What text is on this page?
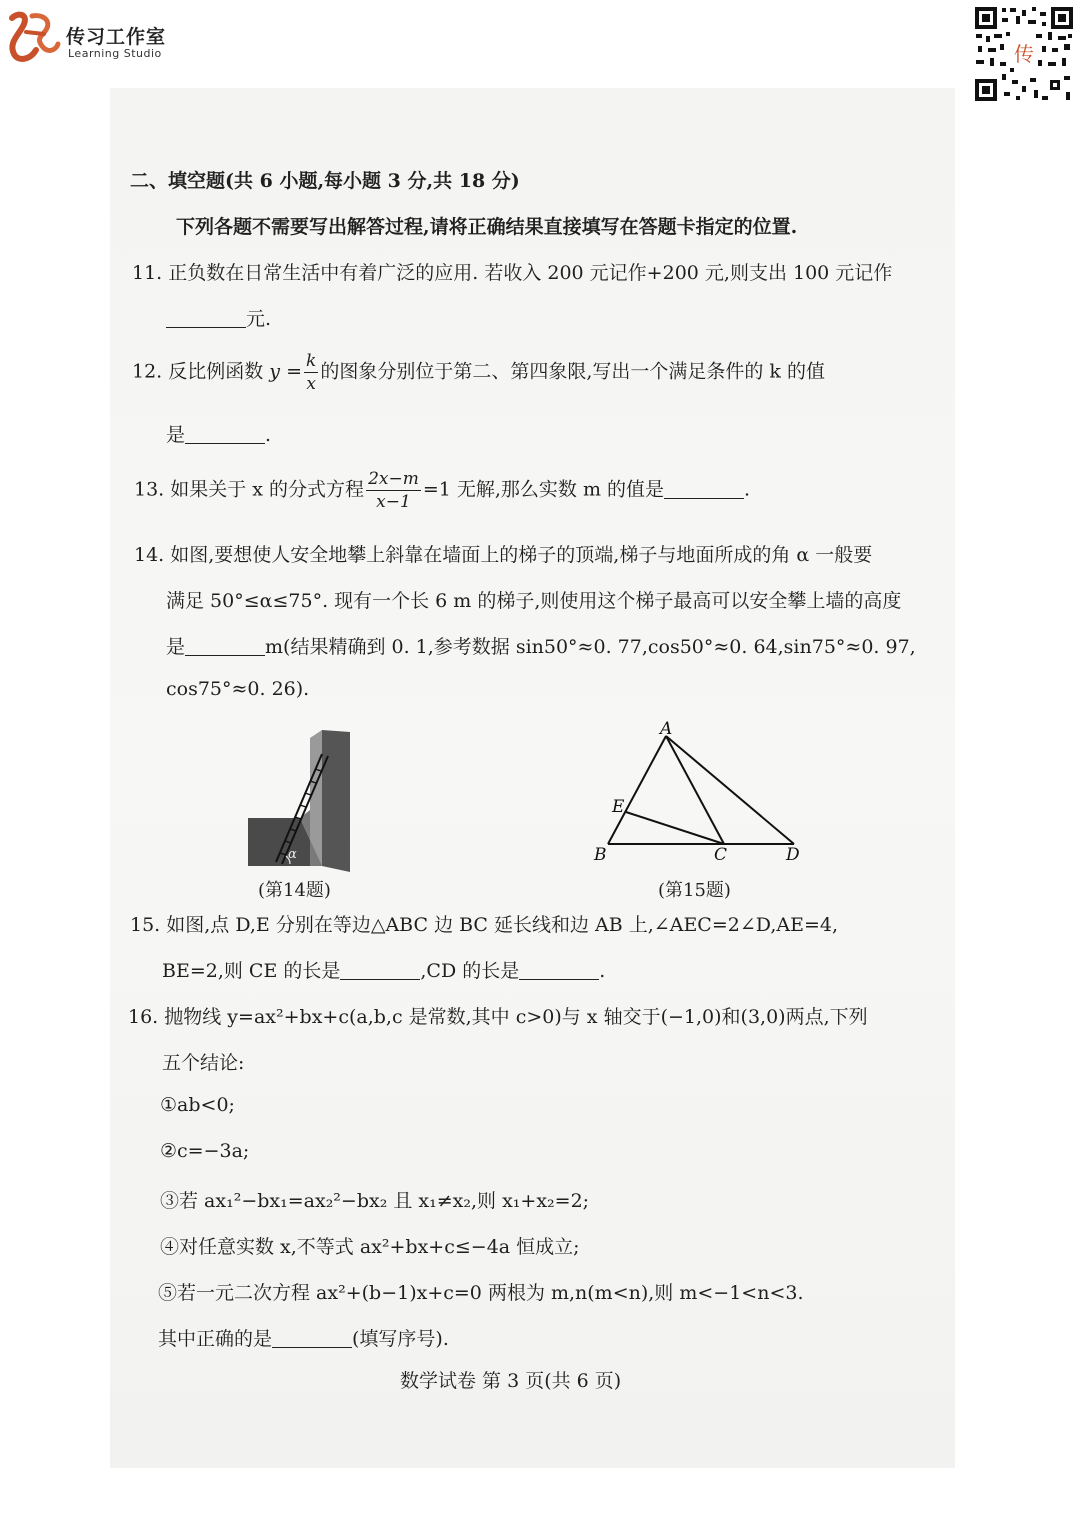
传习工作室
Learning Studio	传
二、填空题(共 6 小题,每小题 3 分,共 18 分)
下列各题不需要写出解答过程,请将正确结果直接填写在答题卡指定的位置.
11. 正负数在日常生活中有着广泛的应用. 若收入 200 元记作+200 元,则支出 100 元记作
元.
12. 反比例函数 $y = \frac{k}{x}$ 的图象分别位于第二、第四象限,写出一个满足条件的 k 的值
是	.
13. 如果关于 x 的分式方程 $\frac{2x-m}{x-1} =1$ 无解,那么实数 m 的值是	.
14. 如图,要想使人安全地攀上斜靠在墙面上的梯子的顶端,梯子与地面所成的角 α 一般要
满足 50°≤α≤75°. 现有一个长 6 m 的梯子,则使用这个梯子最高可以安全攀上墙的高度
是	m(结果精确到 0. 1,参考数据 sin50°≈0. 77,cos50°≈0. 64,sin75°≈0. 97,
cos75°≈0. 26).
α
(第14题)
A
B	C	D
E
(第15题)
15. 如图,点 D,E 分别在等边△ABC 边 BC 延长线和边 AB 上,∠AEC=2∠D,AE=4,
BE=2,则 CE 的长是	,CD 的长是	.
16. 抛物线 y=ax²+bx+c(a,b,c 是常数,其中 c>0)与 x 轴交于(−1,0)和(3,0)两点,下列
五个结论:
①ab<0;
②c=−3a;
③若 ax₁²−bx₁=ax₂²−bx₂ 且 x₁≠x₂,则 x₁+x₂=2;
④对任意实数 x,不等式 ax²+bx+c≤−4a 恒成立;
⑤若一元二次方程 ax²+(b−1)x+c=0 两根为 m,n(m<n),则 m<−1<n<3.
其中正确的是	(填写序号).
数学试卷 第 3 页(共 6 页)
